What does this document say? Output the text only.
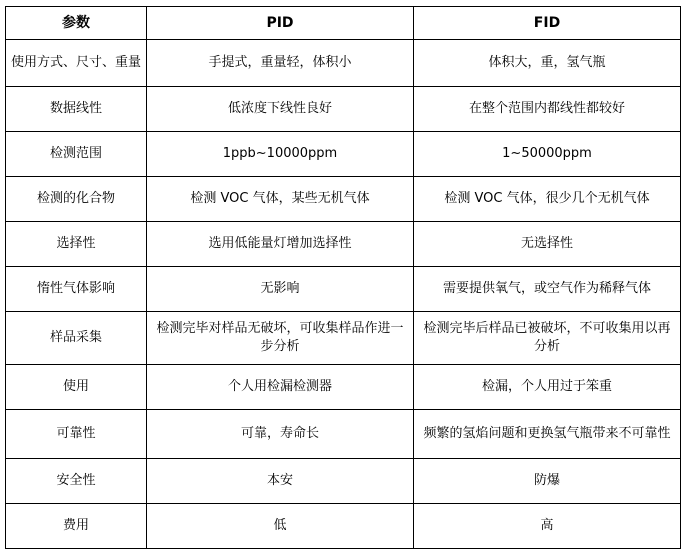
参数	PID	FID
使用方式、尺寸、重量	手提式，重量轻，体积小	体积大，重，氢气瓶
数据线性	低浓度下线性良好	在整个范围内都线性都较好
检测范围	1ppb~10000ppm	1~50000ppm
检测的化合物	检测 VOC 气体，某些无机气体	检测 VOC 气体，很少几个无机气体
选择性	选用低能量灯增加选择性	无选择性
惰性气体影响	无影响	需要提供氧气，或空气作为稀释气体
样品采集	检测完毕对样品无破坏，可收集样品作进一步分析	检测完毕后样品已被破坏，不可收集用以再分析
使用	个人用检漏检测器	检漏，个人用过于笨重
可靠性	可靠，寿命长	频繁的氢焰问题和更换氢气瓶带来不可靠性
安全性	本安	防爆
费用	低	高
